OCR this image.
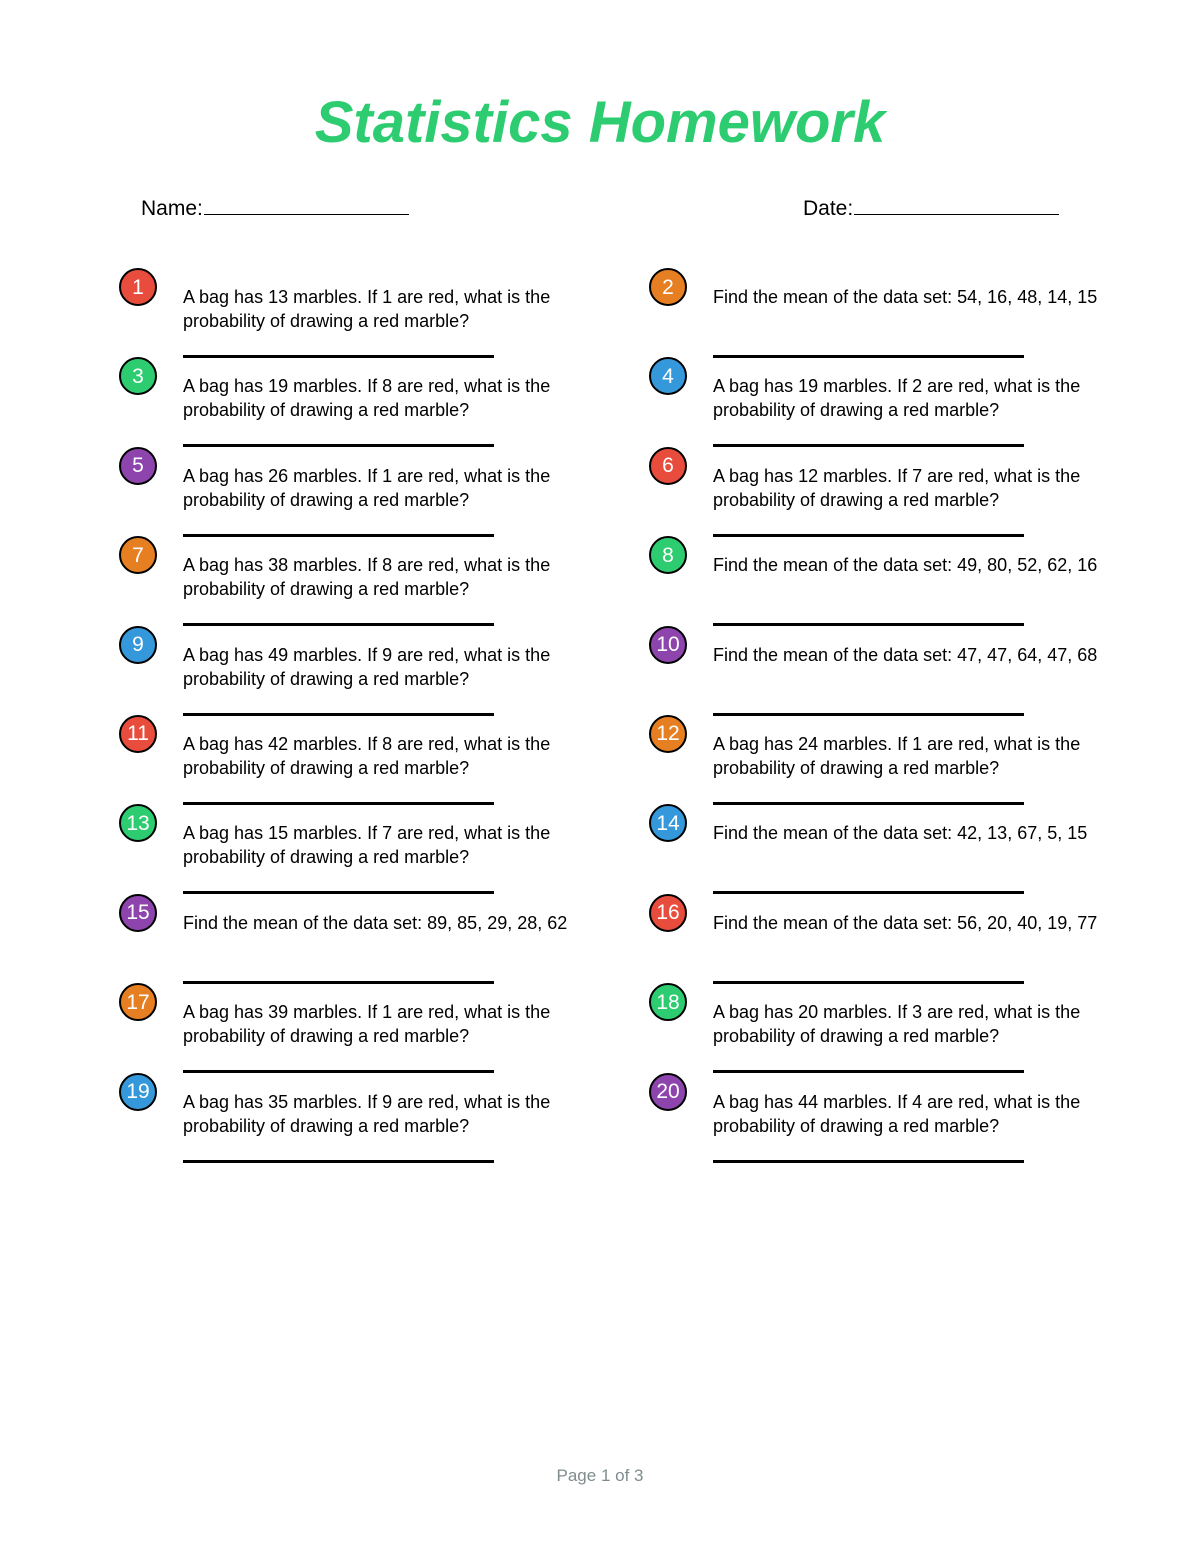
Statistics Homework
Name:	Date:
1	A bag has 13 marbles. If 1 are red, what is the probability of drawing a red marble?

2	Find the mean of the data set: 54, 16, 48, 14, 15

3	A bag has 19 marbles. If 8 are red, what is the probability of drawing a red marble?

4	A bag has 19 marbles. If 2 are red, what is the probability of drawing a red marble?

5	A bag has 26 marbles. If 1 are red, what is the probability of drawing a red marble?

6	A bag has 12 marbles. If 7 are red, what is the probability of drawing a red marble?

7	A bag has 38 marbles. If 8 are red, what is the probability of drawing a red marble?

8	Find the mean of the data set: 49, 80, 52, 62, 16

9	A bag has 49 marbles. If 9 are red, what is the probability of drawing a red marble?

10	Find the mean of the data set: 47, 47, 64, 47, 68

11	A bag has 42 marbles. If 8 are red, what is the probability of drawing a red marble?

12	A bag has 24 marbles. If 1 are red, what is the probability of drawing a red marble?

13	A bag has 15 marbles. If 7 are red, what is the probability of drawing a red marble?

14	Find the mean of the data set: 42, 13, 67, 5, 15

15	Find the mean of the data set: 89, 85, 29, 28, 62	16	Find the mean of the data set: 56, 20, 40, 19, 77

17	A bag has 39 marbles. If 1 are red, what is the probability of drawing a red marble?

18	A bag has 20 marbles. If 3 are red, what is the probability of drawing a red marble?

19	A bag has 35 marbles. If 9 are red, what is the probability of drawing a red marble?

20	A bag has 44 marbles. If 4 are red, what is the probability of drawing a red marble?

Page 1 of 3
